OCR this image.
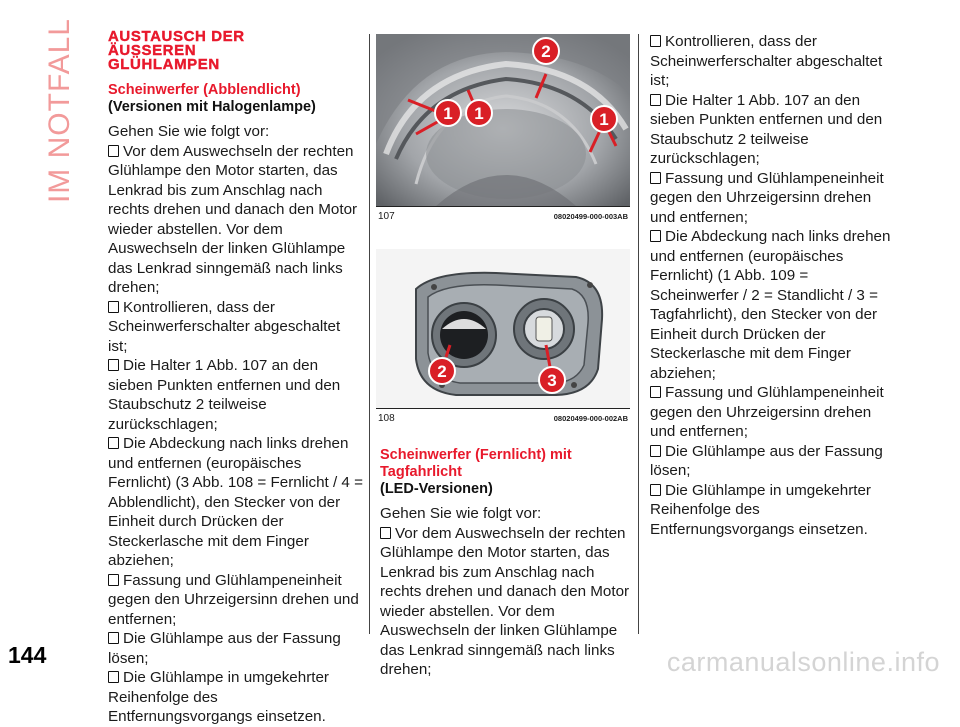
IM NOTFALL
144	carmanualsonline.info
AUSTAUSCH DER
ÄUSSEREN
GLÜHLAMPEN

Scheinwerfer (Abblendlicht)

(Versionen mit Halogenlampe)

Gehen Sie wie folgt vor:

Vor dem Auswechseln der rechten Glühlampe den Motor starten, das Lenkrad bis zum Anschlag nach rechts drehen und danach den Motor wieder abstellen. Vor dem Auswechseln der linken Glühlampe das Lenkrad sinngemäß nach links drehen;

Kontrollieren, dass der Scheinwerferschalter abgeschaltet ist;

Die Halter 1 Abb. 107 an den sieben Punkten entfernen und den Staubschutz 2 teilweise zurückschlagen;

Die Abdeckung nach links drehen und entfernen (europäisches Fernlicht) (3 Abb. 108 = Fernlicht / 4 = Abblendlicht), den Stecker von der Einheit durch Drücken der Steckerlasche mit dem Finger abziehen;

Fassung und Glühlampeneinheit gegen den Uhrzeigersinn drehen und entfernen;

Die Glühlampe aus der Fassung lösen;

Die Glühlampe in umgekehrter Reihenfolge des Entfernungsvorgangs einsetzen.

1 1
2
1
107	08020499-000-003AB
2	3
108	08020499-000-002AB

Scheinwerfer (Fernlicht) mit Tagfahrlicht

(LED-Versionen)

Gehen Sie wie folgt vor:

Vor dem Auswechseln der rechten Glühlampe den Motor starten, das Lenkrad bis zum Anschlag nach rechts drehen und danach den Motor wieder abstellen. Vor dem Auswechseln der linken Glühlampe das Lenkrad sinngemäß nach links drehen;

Kontrollieren, dass der Scheinwerferschalter abgeschaltet ist;

Die Halter 1 Abb. 107 an den sieben Punkten entfernen und den Staubschutz 2 teilweise zurückschlagen;

Fassung und Glühlampeneinheit gegen den Uhrzeigersinn drehen und entfernen;

Die Abdeckung nach links drehen und entfernen (europäisches Fernlicht) (1 Abb. 109 = Scheinwerfer / 2 = Standlicht / 3 = Tagfahrlicht), den Stecker von der Einheit durch Drücken der Steckerlasche mit dem Finger abziehen;

Fassung und Glühlampeneinheit gegen den Uhrzeigersinn drehen und entfernen;

Die Glühlampe aus der Fassung lösen;

Die Glühlampe in umgekehrter Reihenfolge des Entfernungsvorgangs einsetzen.
